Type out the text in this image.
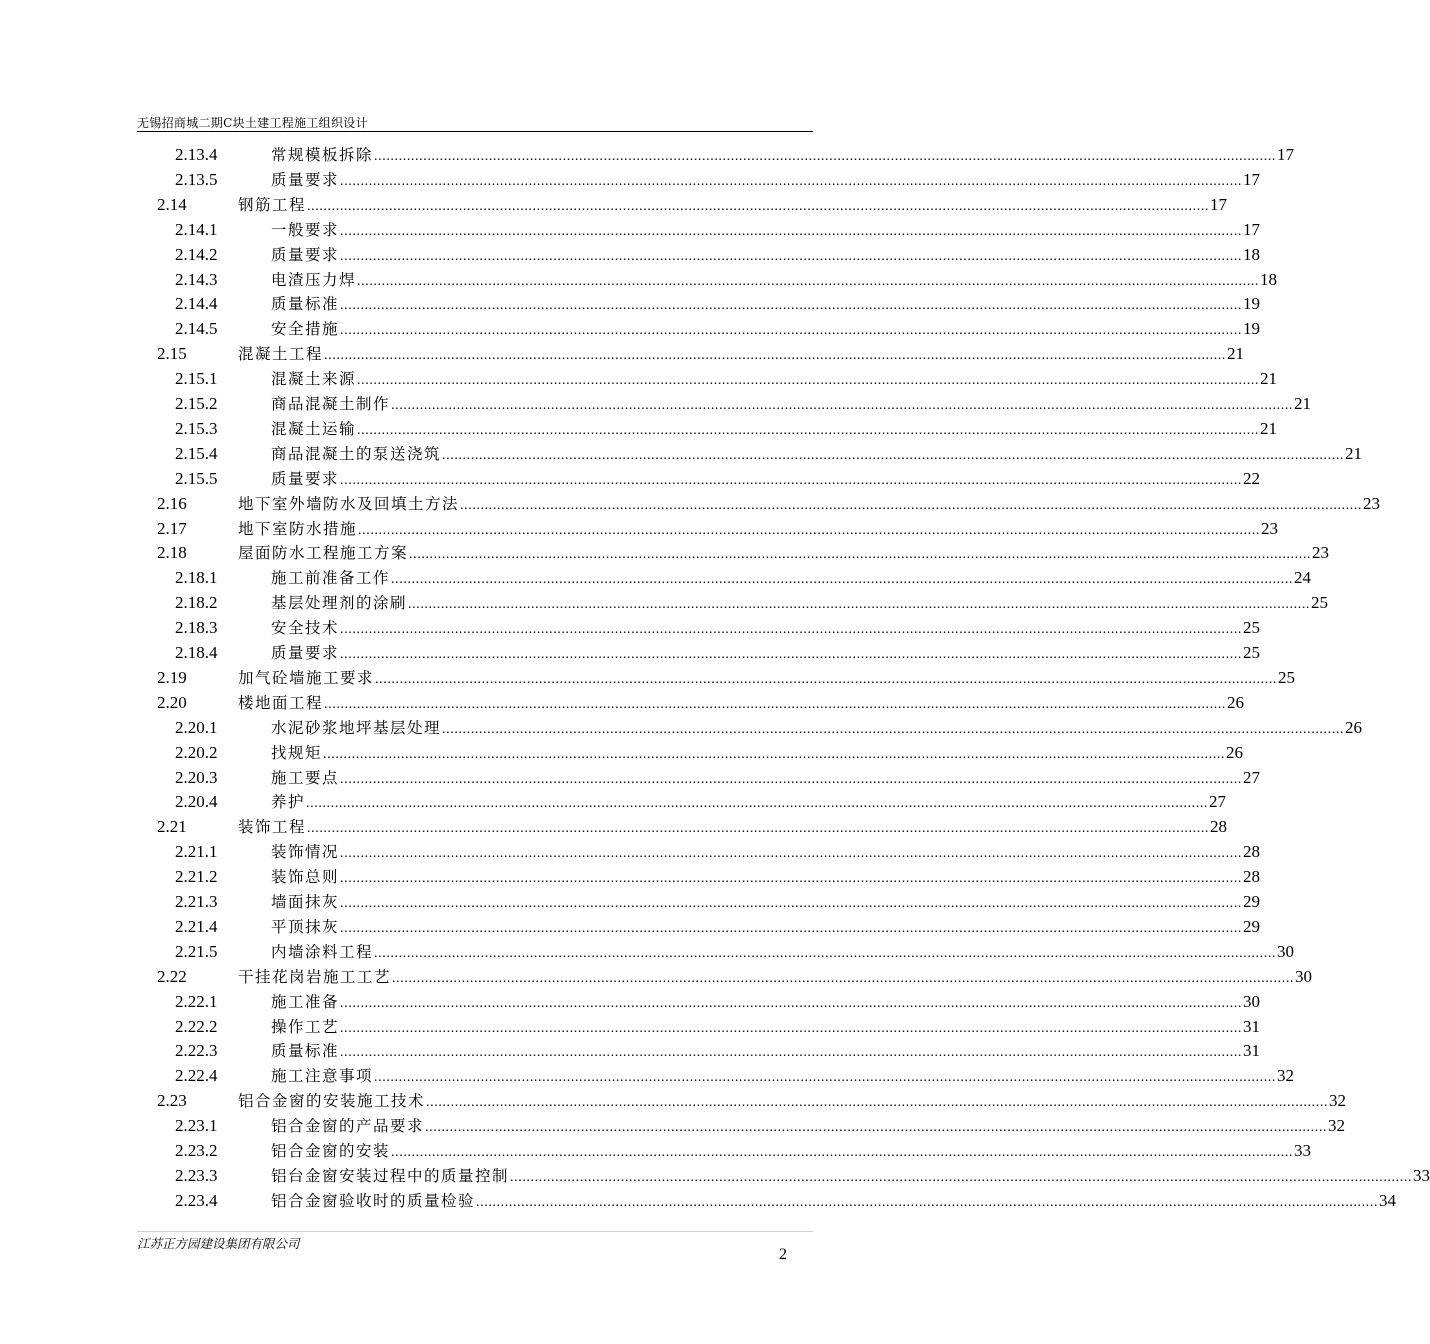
无锡招商城二期C块土建工程施工组织设计
2.13.4	常规模板拆除 ............................................................................................................................................................................................................................ 17
2.13.5	质量要求 ............................................................................................................................................................................................................................ 17
2.14	钢筋工程 ............................................................................................................................................................................................................................ 17
2.14.1	一般要求 ............................................................................................................................................................................................................................ 17
2.14.2	质量要求 ............................................................................................................................................................................................................................ 18
2.14.3	电渣压力焊 ............................................................................................................................................................................................................................ 18
2.14.4	质量标准 ............................................................................................................................................................................................................................ 19
2.14.5	安全措施 ............................................................................................................................................................................................................................ 19
2.15	混凝土工程 ............................................................................................................................................................................................................................ 21
2.15.1	混凝土来源 ............................................................................................................................................................................................................................ 21
2.15.2	商品混凝土制作 ............................................................................................................................................................................................................................ 21
2.15.3	混凝土运输 ............................................................................................................................................................................................................................ 21
2.15.4	商品混凝土的泵送浇筑 ............................................................................................................................................................................................................................ 21
2.15.5	质量要求 ............................................................................................................................................................................................................................ 22
2.16	地下室外墙防水及回填土方法 ............................................................................................................................................................................................................................ 23
2.17	地下室防水措施 ............................................................................................................................................................................................................................ 23
2.18	屋面防水工程施工方案 ............................................................................................................................................................................................................................ 23
2.18.1	施工前准备工作 ............................................................................................................................................................................................................................ 24
2.18.2	基层处理剂的涂刷 ............................................................................................................................................................................................................................ 25
2.18.3	安全技术 ............................................................................................................................................................................................................................ 25
2.18.4	质量要求 ............................................................................................................................................................................................................................ 25
2.19	加气砼墙施工要求 ............................................................................................................................................................................................................................ 25
2.20	楼地面工程 ............................................................................................................................................................................................................................ 26
2.20.1	水泥砂浆地坪基层处理 ............................................................................................................................................................................................................................ 26
2.20.2	找规矩 ............................................................................................................................................................................................................................ 26
2.20.3	施工要点 ............................................................................................................................................................................................................................ 27
2.20.4	养护 ............................................................................................................................................................................................................................ 27
2.21	装饰工程 ............................................................................................................................................................................................................................ 28
2.21.1	装饰情况 ............................................................................................................................................................................................................................ 28
2.21.2	装饰总则 ............................................................................................................................................................................................................................ 28
2.21.3	墙面抹灰 ............................................................................................................................................................................................................................ 29
2.21.4	平顶抹灰 ............................................................................................................................................................................................................................ 29
2.21.5	内墙涂料工程 ............................................................................................................................................................................................................................ 30
2.22	干挂花岗岩施工工艺 ............................................................................................................................................................................................................................ 30
2.22.1	施工准备 ............................................................................................................................................................................................................................ 30
2.22.2	操作工艺 ............................................................................................................................................................................................................................ 31
2.22.3	质量标准 ............................................................................................................................................................................................................................ 31
2.22.4	施工注意事项 ............................................................................................................................................................................................................................ 32
2.23	铝合金窗的安装施工技术 ............................................................................................................................................................................................................................ 32
2.23.1	铝合金窗的产品要求 ............................................................................................................................................................................................................................ 32
2.23.2	铝合金窗的安装 ............................................................................................................................................................................................................................ 33
2.23.3	铝台金窗安装过程中的质量控制 ............................................................................................................................................................................................................................ 33
2.23.4	铝合金窗验收时的质量检验 ............................................................................................................................................................................................................................ 34
江苏正方园建设集团有限公司
2
